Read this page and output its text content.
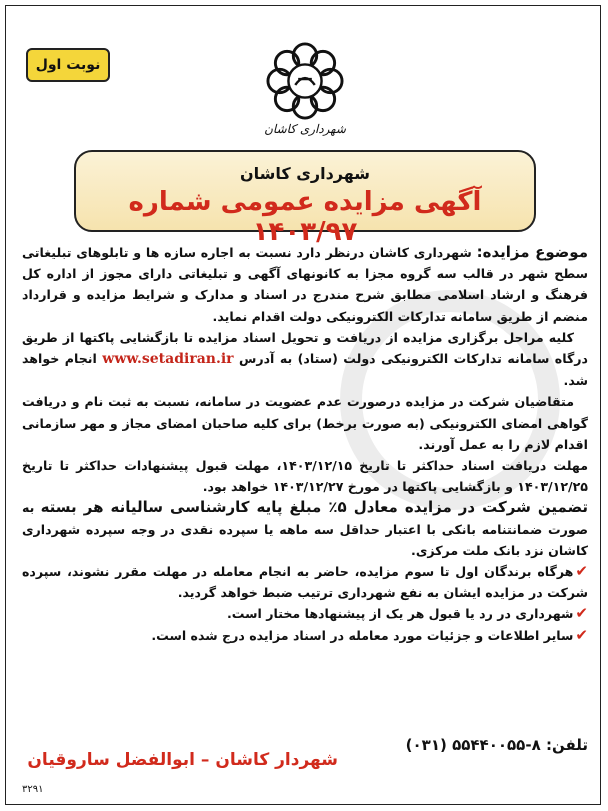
نوبت اول
شهرداری کاشان
شهرداری کاشان
آگهی مزایده عمومی شماره ۱۴۰۳/۹۷

موضوع مزایده: شهرداری کاشان درنظر دارد نسبت به اجاره سازه ها و تابلوهای تبلیغاتی سطح شهر در قالب سه گروه مجزا به کانونهای آگهی و تبلیغاتی دارای مجوز از اداره کل فرهنگ و ارشاد اسلامی مطابق شرح مندرج در اسناد و مدارک و شرایط مزایده و قرارداد منضم از طریق سامانه تدارکات الکترونیکی دولت اقدام نماید.

کلیه مراحل برگزاری مزایده از دریافت و تحویل اسناد مزایده تا بازگشایی پاکتها از طریق درگاه سامانه تدارکات الکترونیکی دولت (ستاد) به آدرس www.setadiran.ir انجام خواهد شد.

متقاضیان شرکت در مزایده درصورت عدم عضویت در سامانه، نسبت به ثبت نام و دریافت گواهی امضای الکترونیکی (به صورت برخط) برای کلیه صاحبان امضای مجاز و مهر سازمانی اقدام لازم را به عمل آورند.

مهلت دریافت اسناد حداکثر تا تاریخ ۱۴۰۳/۱۲/۱۵، مهلت قبول پیشنهادات حداکثر تا تاریخ ۱۴۰۳/۱۲/۲۵ و بازگشایی پاکتها در مورخ ۱۴۰۳/۱۲/۲۷ خواهد بود.

تضمین شرکت در مزایده معادل ۵٪ مبلغ پایه کارشناسی سالیانه هر بسته به صورت ضمانتنامه بانکی با اعتبار حداقل سه ماهه یا سپرده نقدی در وجه سپرده شهرداری کاشان نزد بانک ملت مرکزی.

✔هرگاه برندگان اول تا سوم مزایده، حاضر به انجام معامله در مهلت مقرر نشوند، سپرده شرکت در مزایده ایشان به نفع شهرداری ترتیب ضبط خواهد گردید.

✔شهرداری در رد یا قبول هر یک از پیشنهادها مختار است.

✔سایر اطلاعات و جزئیات مورد معامله در اسناد مزایده درج شده است.

تلفن: ۸-۵۵۴۴۰۰۵۵ (۰۳۱)
شهردار کاشان – ابوالفضل ساروقیان
۳۲۹۱
